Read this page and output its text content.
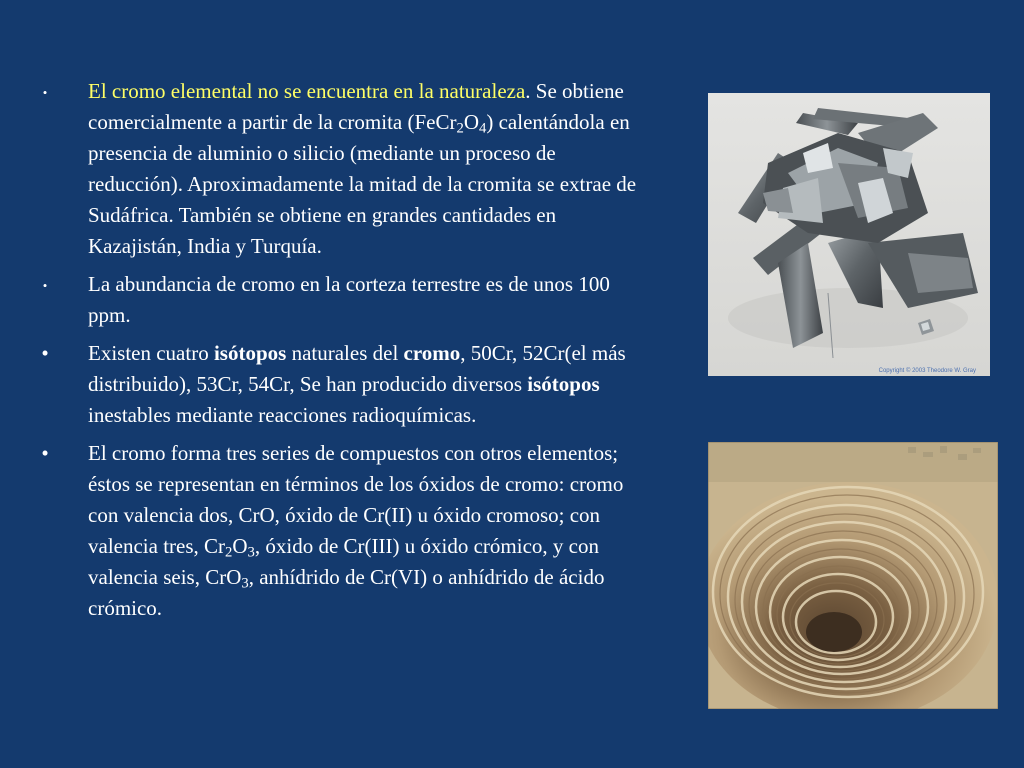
• El cromo elemental no se encuentra en la naturaleza. Se obtiene comercialmente a partir de la cromita $(FeCr_2O_4)$ calentándola en presencia de aluminio o silicio (mediante un proceso de reducción). Aproximadamente la mitad de la cromita se extrae de Sudáfrica. También se obtiene en grandes cantidades en Kazajistán, India y Turquía.
• La abundancia de cromo en la corteza terrestre es de unos 100 ppm.
• Existen cuatro isótopos naturales del cromo, 50Cr, 52Cr(el más distribuido), 53Cr, 54Cr, Se han producido diversos isótopos inestables mediante reacciones radioquímicas.
• El cromo forma tres series de compuestos con otros elementos; éstos se representan en términos de los óxidos de cromo: cromo con valencia dos, CrO, óxido de Cr(II) u óxido cromoso; con valencia tres, $Cr_2O_3$, óxido de Cr(III) u óxido crómico, y con valencia seis, CrO$_3$, anhídrido de Cr(VI) o anhídrido de ácido crómico.
Copyright © 2003 Theodore W. Gray
